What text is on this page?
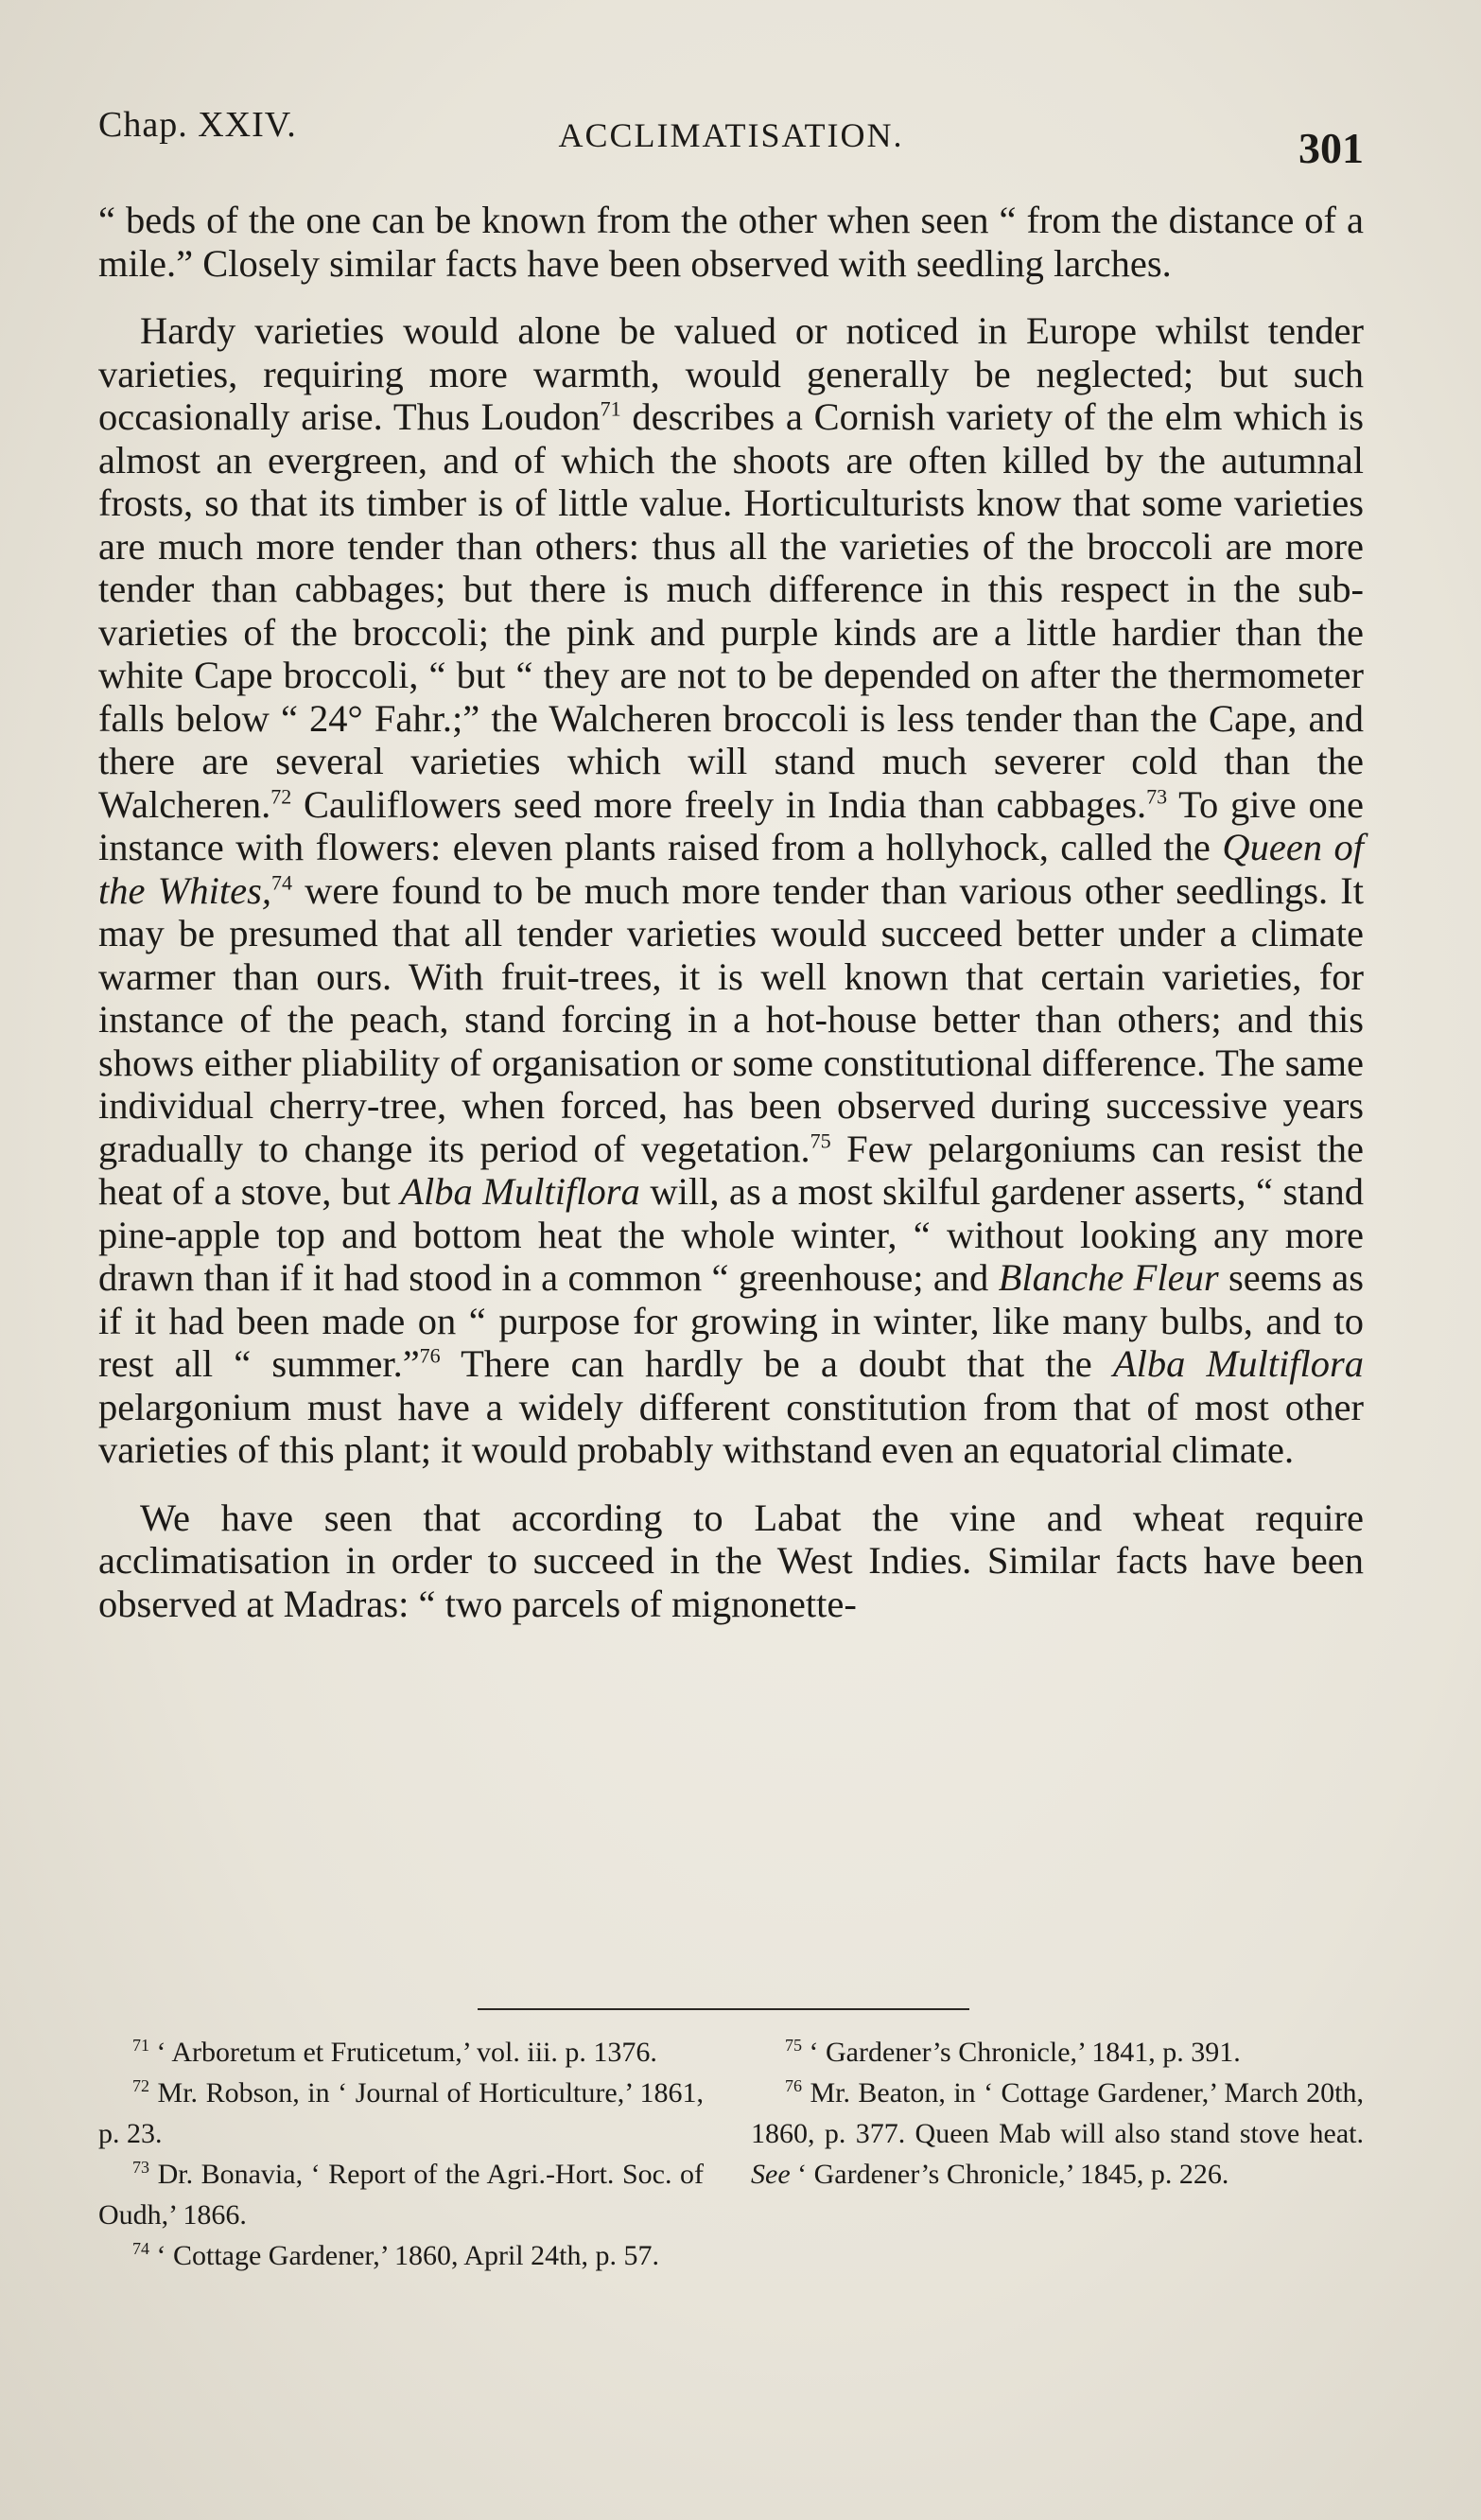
Chap. XXIV.	ACCLIMATISATION.	301

“ beds of the one can be known from the other when seen “ from the distance of a mile.” Closely similar facts have been observed with seedling larches.

Hardy varieties would alone be valued or noticed in Europe whilst tender varieties, requiring more warmth, would generally be neglected; but such occasionally arise. Thus Loudon$^{71}$ describes a Cornish variety of the elm which is almost an evergreen, and of which the shoots are often killed by the autumnal frosts, so that its timber is of little value. Horticulturists know that some varieties are much more tender than others: thus all the varieties of the broccoli are more tender than cabbages; but there is much difference in this respect in the sub-varieties of the broccoli; the pink and purple kinds are a little hardier than the white Cape broccoli, “ but “ they are not to be depended on after the thermometer falls below “ 24° Fahr.;” the Walcheren broccoli is less tender than the Cape, and there are several varieties which will stand much severer cold than the Walcheren.$^{72}$ Cauliflowers seed more freely in India than cabbages.$^{73}$ To give one instance with flowers: eleven plants raised from a hollyhock, called the Queen of the Whites,$^{74}$ were found to be much more tender than various other seedlings. It may be presumed that all tender varieties would succeed better under a climate warmer than ours. With fruit-trees, it is well known that certain varieties, for instance of the peach, stand forcing in a hot-house better than others; and this shows either pliability of organisation or some constitutional difference. The same individual cherry-tree, when forced, has been observed during successive years gradually to change its period of vegetation.$^{75}$ Few pelargoniums can resist the heat of a stove, but Alba Multiflora will, as a most skilful gardener asserts, “ stand pine-apple top and bottom heat the whole winter, “ without looking any more drawn than if it had stood in a common “ greenhouse; and Blanche Fleur seems as if it had been made on “ purpose for growing in winter, like many bulbs, and to rest all “ summer.”$^{76}$ There can hardly be a doubt that the Alba Multiflora pelargonium must have a widely different constitution from that of most other varieties of this plant; it would probably withstand even an equatorial climate.

We have seen that according to Labat the vine and wheat require acclimatisation in order to succeed in the West Indies. Similar facts have been observed at Madras: “ two parcels of mignonette-

$^{71}$ ‘ Arboretum et Fruticetum,’ vol. iii. p. 1376.

$^{72}$ Mr. Robson, in ‘ Journal of Horticulture,’ 1861, p. 23.

$^{73}$ Dr. Bonavia, ‘ Report of the Agri.-Hort. Soc. of Oudh,’ 1866.

$^{74}$ ‘ Cottage Gardener,’ 1860, April 24th, p. 57.

$^{75}$ ‘ Gardener’s Chronicle,’ 1841, p. 391.

$^{76}$ Mr. Beaton, in ‘ Cottage Gardener,’ March 20th, 1860, p. 377. Queen Mab will also stand stove heat. See ‘ Gardener’s Chronicle,’ 1845, p. 226.
